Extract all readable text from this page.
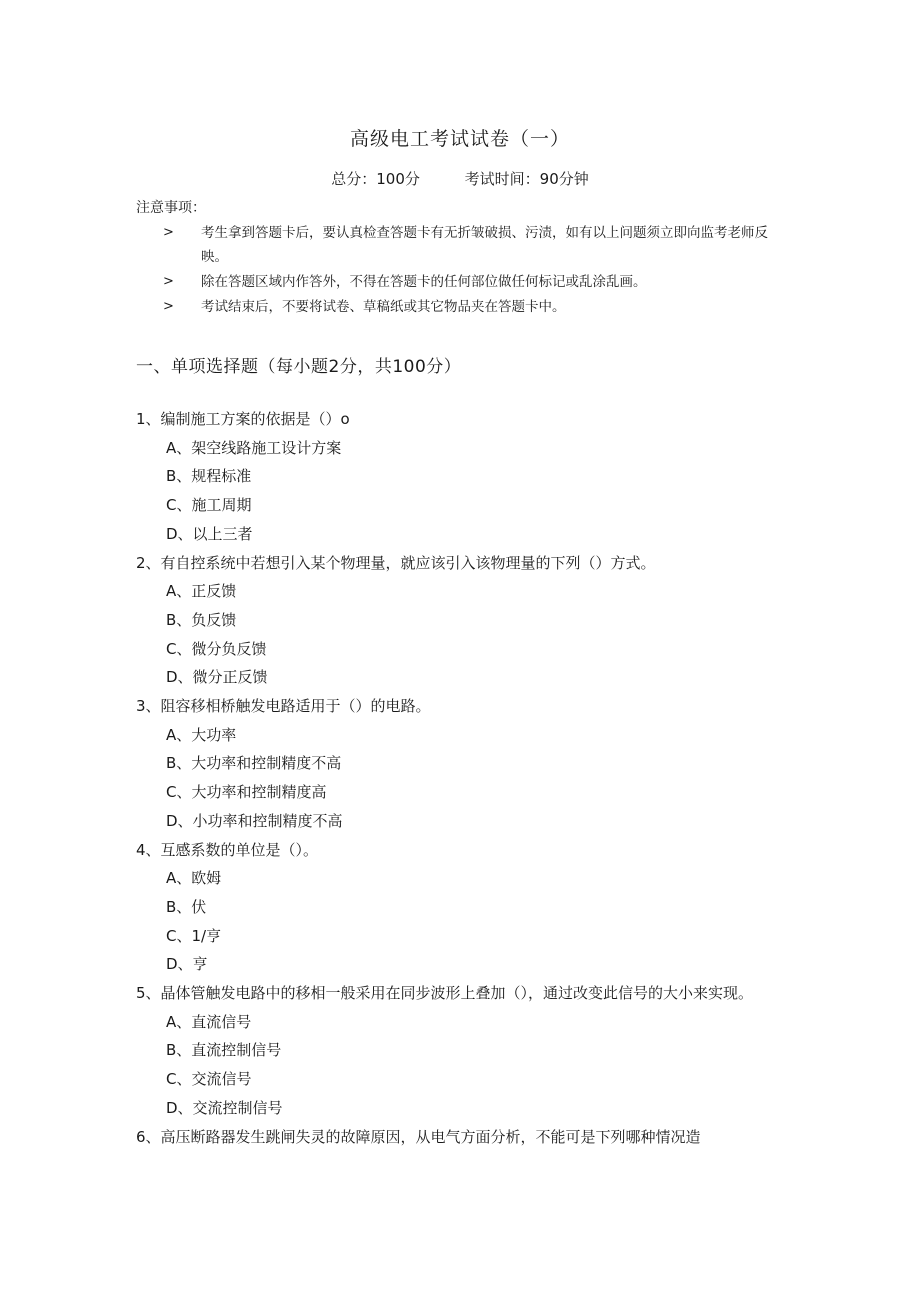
高级电工考试试卷（一）
总分：100分	考试时间：90分钟
注意事项：
> 考生拿到答题卡后，要认真检查答题卡有无折皱破损、污渍，如有以上问题须立即向监考老师反映。
> 除在答题区域内作答外，不得在答题卡的任何部位做任何标记或乱涂乱画。
> 考试结束后，不要将试卷、草稿纸或其它物品夹在答题卡中。
一、单项选择题（每小题2分，共100分）

1、编制施工方案的依据是（）o

A、架空线路施工设计方案

B、规程标准

C、施工周期

D、以上三者

2、有自控系统中若想引入某个物理量，就应该引入该物理量的下列（）方式。

A、正反馈

B、负反馈

C、微分负反馈

D、微分正反馈

3、阻容移相桥触发电路适用于（）的电路。

A、大功率

B、大功率和控制精度不高

C、大功率和控制精度高

D、小功率和控制精度不高

4、互感系数的单位是（）。

A、欧姆

B、伏

C、1/亨

D、亨

5、晶体管触发电路中的移相一般采用在同步波形上叠加（），通过改变此信号的大小来实现。

A、直流信号

B、直流控制信号

C、交流信号

D、交流控制信号

6、高压断路器发生跳闸失灵的故障原因，从电气方面分析，不能可是下列哪种情况造
